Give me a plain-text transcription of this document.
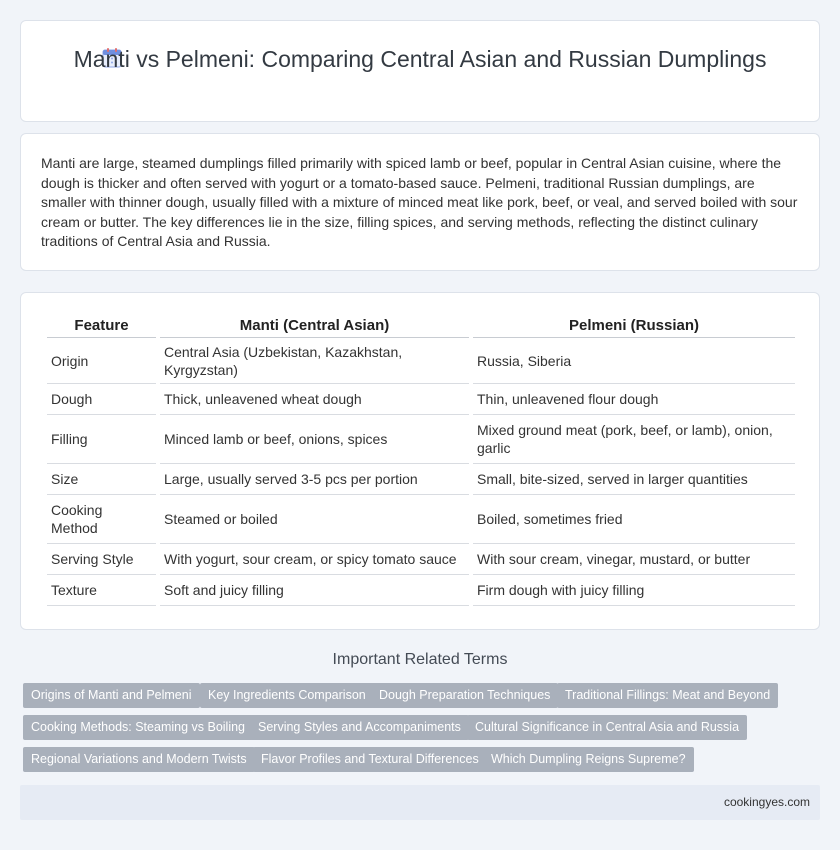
Manti vs Pelmeni: Comparing Central Asian and Russian Dumplings

Manti are large, steamed dumplings filled primarily with spiced lamb or beef, popular in Central Asian cuisine, where the dough is thicker and often served with yogurt or a tomato-based sauce. Pelmeni, traditional Russian dumplings, are smaller with thinner dough, usually filled with a mixture of minced meat like pork, beef, or veal, and served boiled with sour cream or butter. The key differences lie in the size, filling spices, and serving methods, reflecting the distinct culinary traditions of Central Asia and Russia.

Feature	Manti (Central Asian)	Pelmeni (Russian)
Origin	Central Asia (Uzbekistan, Kazakhstan, Kyrgyzstan)	Russia, Siberia
Dough	Thick, unleavened wheat dough	Thin, unleavened flour dough
Filling	Minced lamb or beef, onions, spices	Mixed ground meat (pork, beef, or lamb), onion, garlic
Size	Large, usually served 3-5 pcs per portion	Small, bite-sized, served in larger quantities
Cooking Method	Steamed or boiled	Boiled, sometimes fried
Serving Style	With yogurt, sour cream, or spicy tomato sauce	With sour cream, vinegar, mustard, or butter
Texture	Soft and juicy filling	Firm dough with juicy filling
Important Related Terms
Origins of Manti and Pelmeni	Key Ingredients Comparison	Dough Preparation Techniques	Traditional Fillings: Meat and Beyond
Cooking Methods: Steaming vs Boiling	Serving Styles and Accompaniments	Cultural Significance in Central Asia and Russia
Regional Variations and Modern Twists	Flavor Profiles and Textural Differences Which Dumpling Reigns Supreme?
cookingyes.com
